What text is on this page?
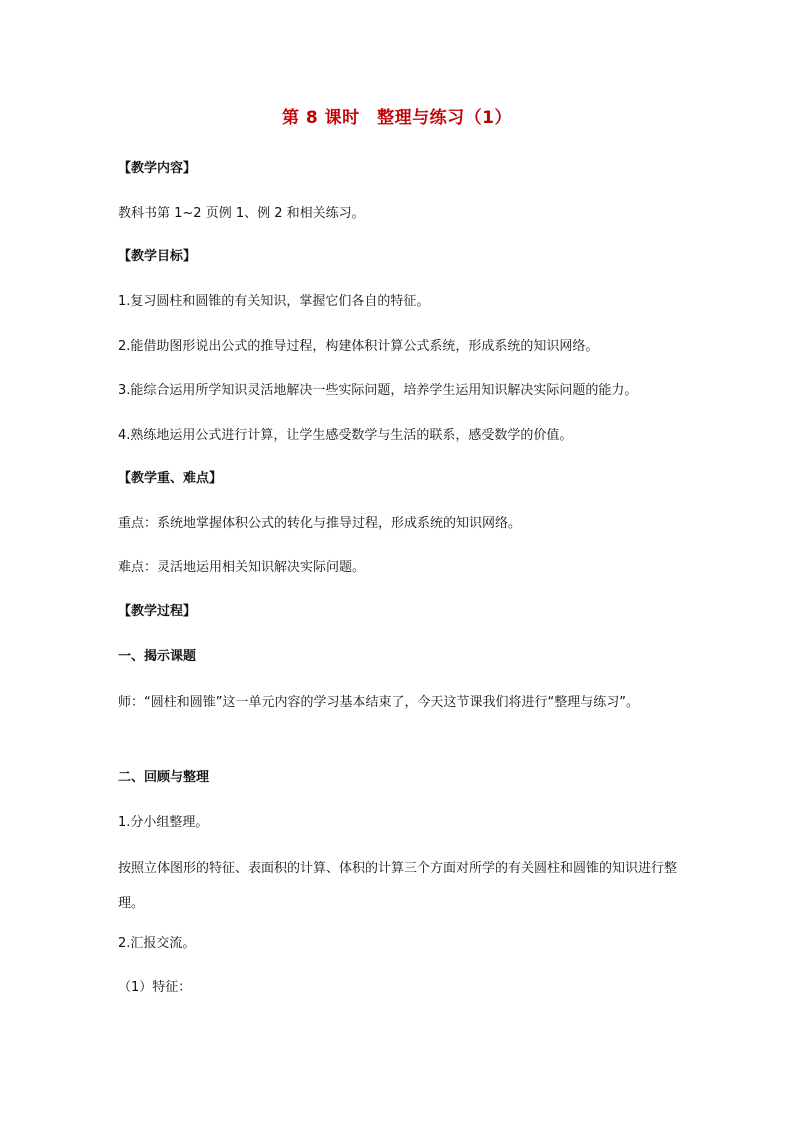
第 8 课时　整理与练习（1）
【教学内容】
教科书第 1~2 页例 1、例 2 和相关练习。
【教学目标】
1.复习圆柱和圆锥的有关知识，掌握它们各自的特征。
2.能借助图形说出公式的推导过程，构建体积计算公式系统，形成系统的知识网络。
3.能综合运用所学知识灵活地解决一些实际问题，培养学生运用知识解决实际问题的能力。
4.熟练地运用公式进行计算，让学生感受数学与生活的联系，感受数学的价值。
【教学重、难点】
重点：系统地掌握体积公式的转化与推导过程，形成系统的知识网络。
难点：灵活地运用相关知识解决实际问题。
【教学过程】
一、揭示课题
师：“圆柱和圆锥”这一单元内容的学习基本结束了，今天这节课我们将进行“整理与练习”。
二、回顾与整理
1.分小组整理。
按照立体图形的特征、表面积的计算、体积的计算三个方面对所学的有关圆柱和圆锥的知识进行整理。
2.汇报交流。
（1）特征：
